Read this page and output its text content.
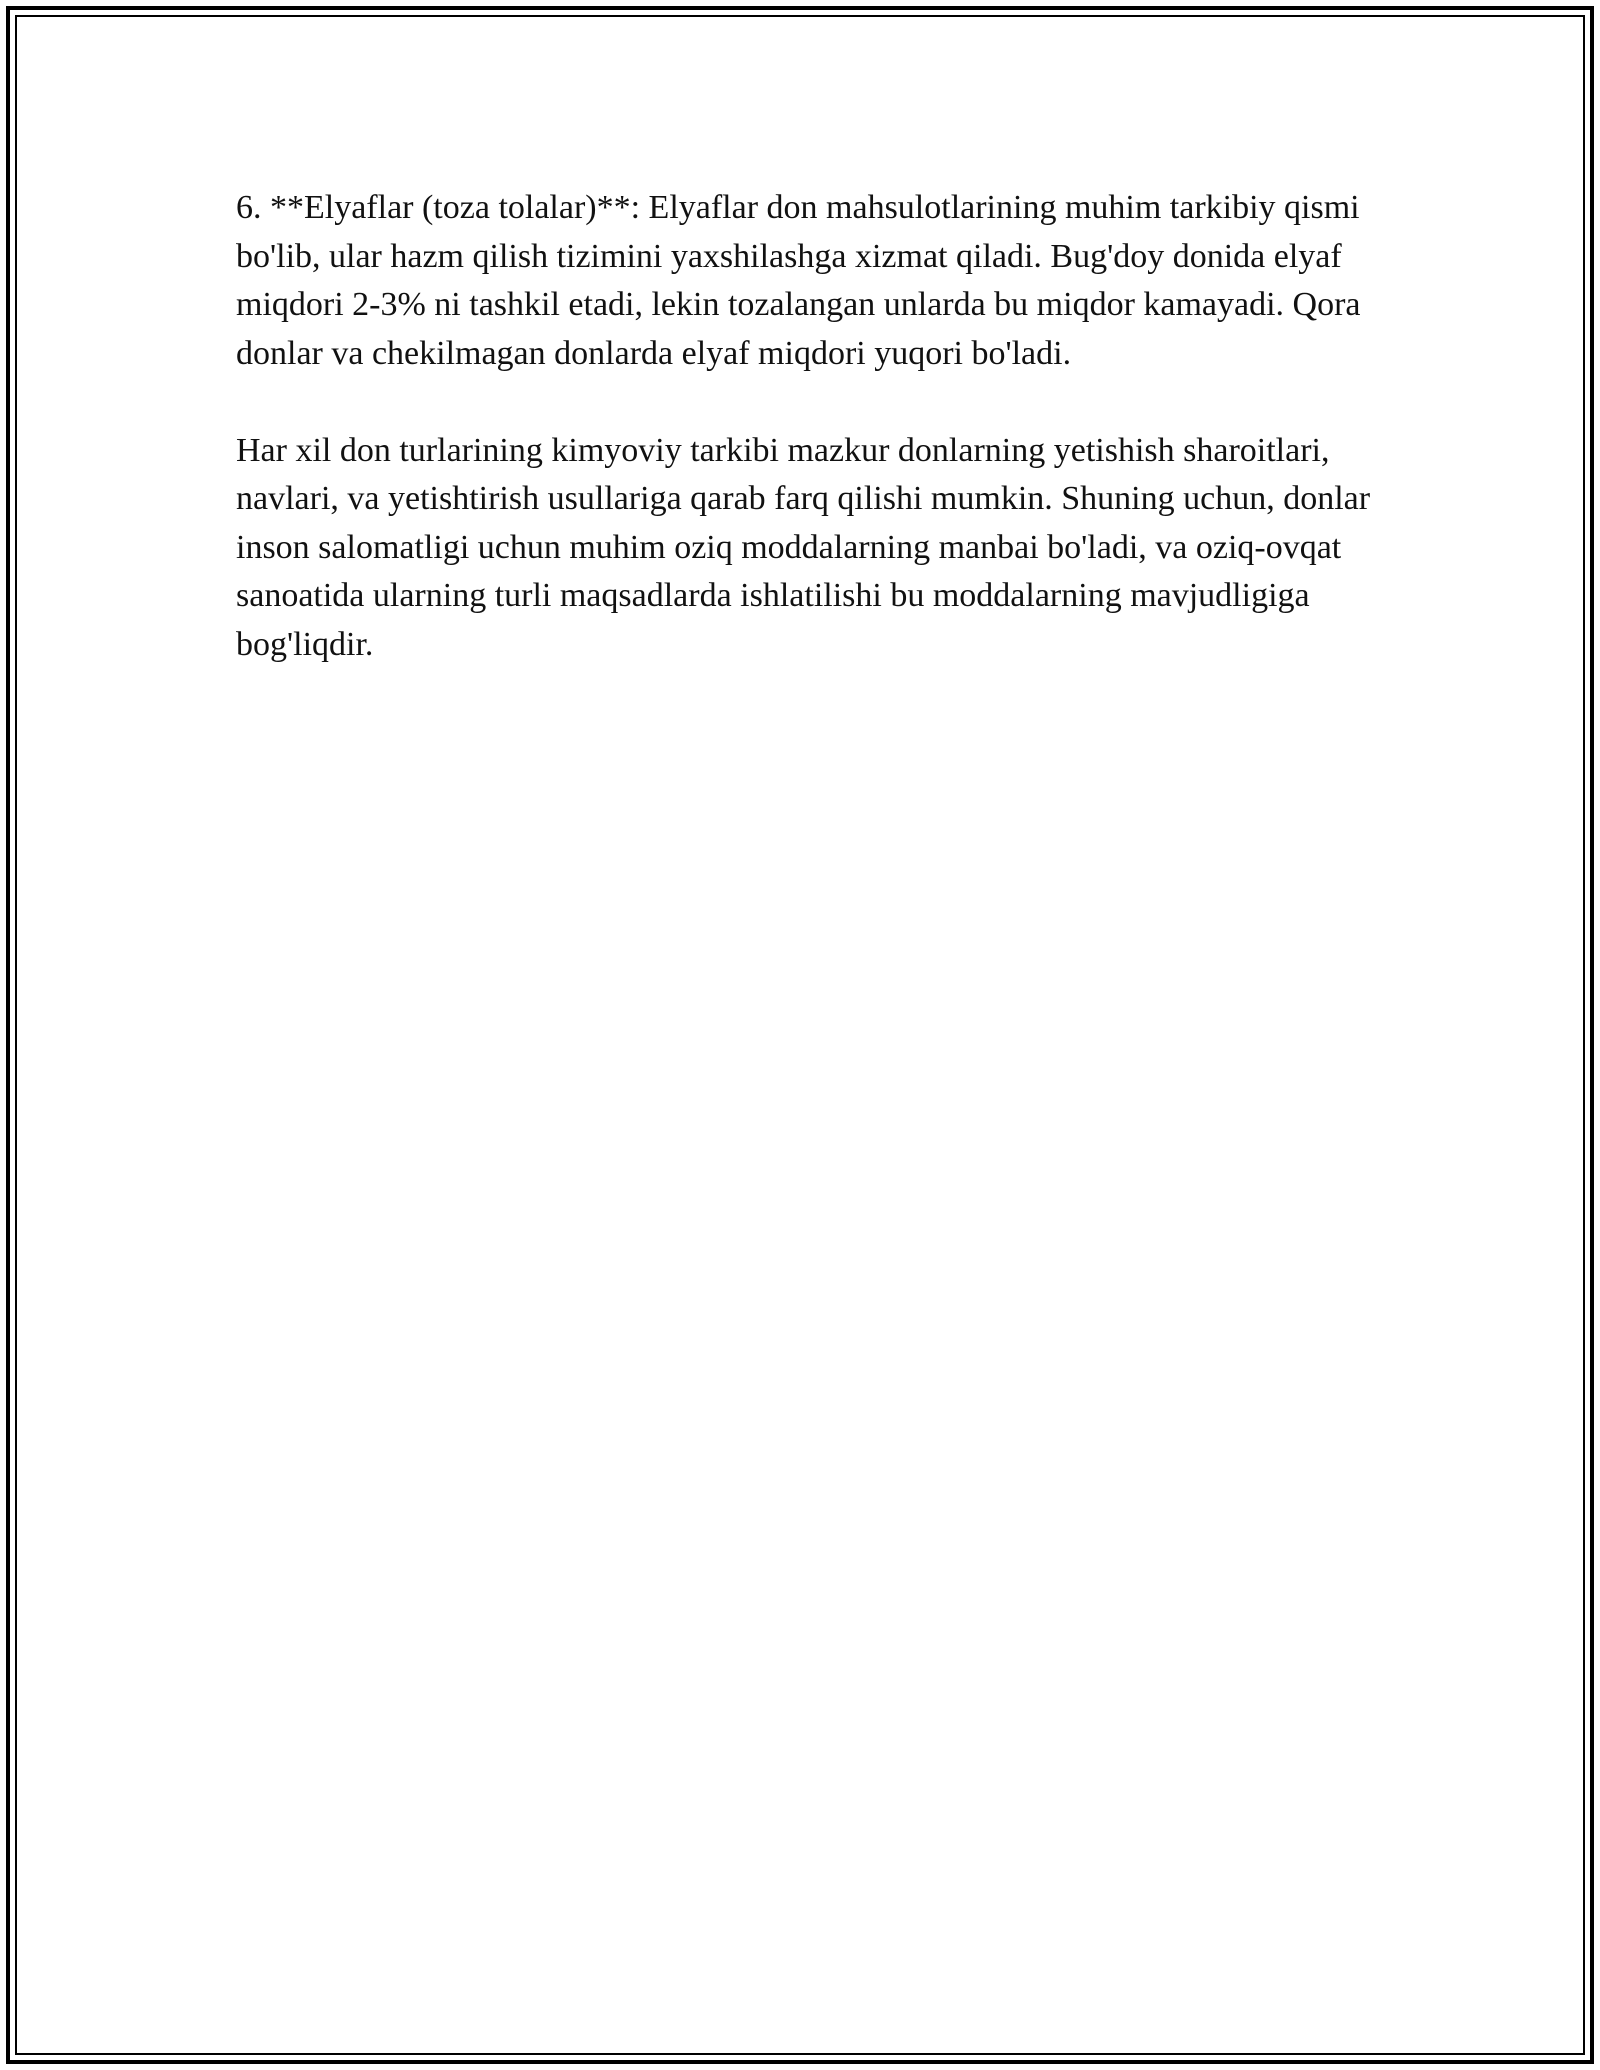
6. **Elyaflar (toza tolalar)**: Elyaflar don mahsulotlarining muhim tarkibiy qismi bo'lib, ular hazm qilish tizimini yaxshilashga xizmat qiladi. Bug'doy donida elyaf miqdori 2-3% ni tashkil etadi, lekin tozalangan unlarda bu miqdor kamayadi. Qora donlar va chekilmagan donlarda elyaf miqdori yuqori bo'ladi.

Har xil don turlarining kimyoviy tarkibi mazkur donlarning yetishish sharoitlari, navlari, va yetishtirish usullariga qarab farq qilishi mumkin. Shuning uchun, donlar inson salomatligi uchun muhim oziq moddalarning manbai bo'ladi, va oziq-ovqat sanoatida ularning turli maqsadlarda ishlatilishi bu moddalarning mavjudligiga bog'liqdir.
